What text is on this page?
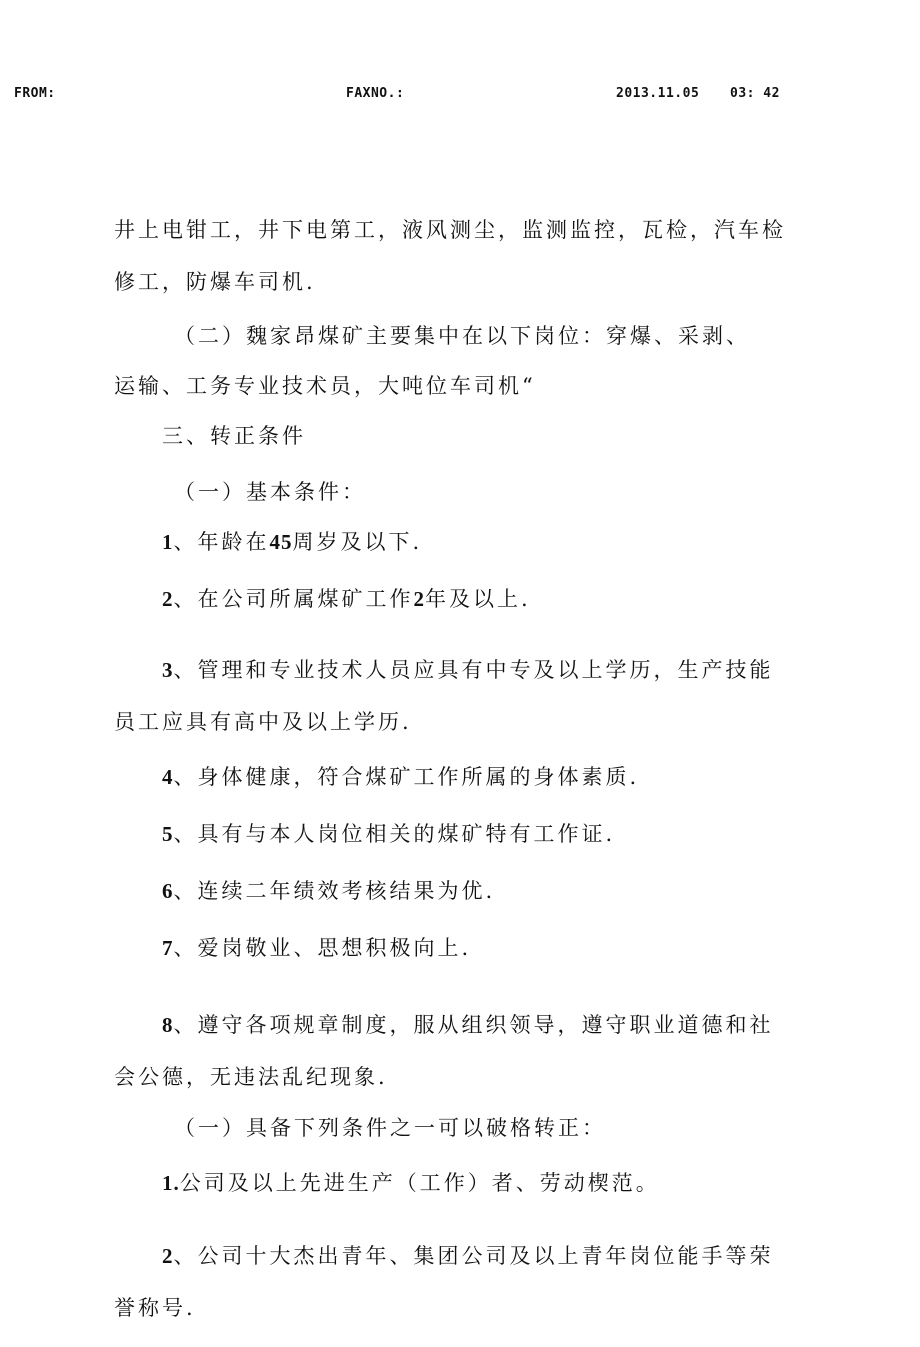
FROM:	FAXNO.:	2013.11.05 03: 42
井上电钳工，井下电第工，液风测尘，监测监控，瓦检，汽车检
修工，防爆车司机.
（二）魏家昂煤矿主要集中在以下岗位：穿爆、采剥、
运输、工务专业技术员，大吨位车司机“
三、转正条件
（一）基本条件：
1、年龄在45周岁及以下.
2、在公司所属煤矿工作2年及以上.
3、管理和专业技术人员应具有中专及以上学历，生产技能
员工应具有高中及以上学历.
4、身体健康，符合煤矿工作所属的身体素质.
5、具有与本人岗位相关的煤矿特有工作证.
6、连续二年绩效考核结果为优.
7、爱岗敬业、思想积极向上.
8、遵守各项规章制度，服从组织领导，遵守职业道德和社
会公德，无违法乱纪现象.
（一）具备下列条件之一可以破格转正：
1.公司及以上先进生产（工作）者、劳动楔范。
2、公司十大杰出青年、集团公司及以上青年岗位能手等荣
誉称号.
